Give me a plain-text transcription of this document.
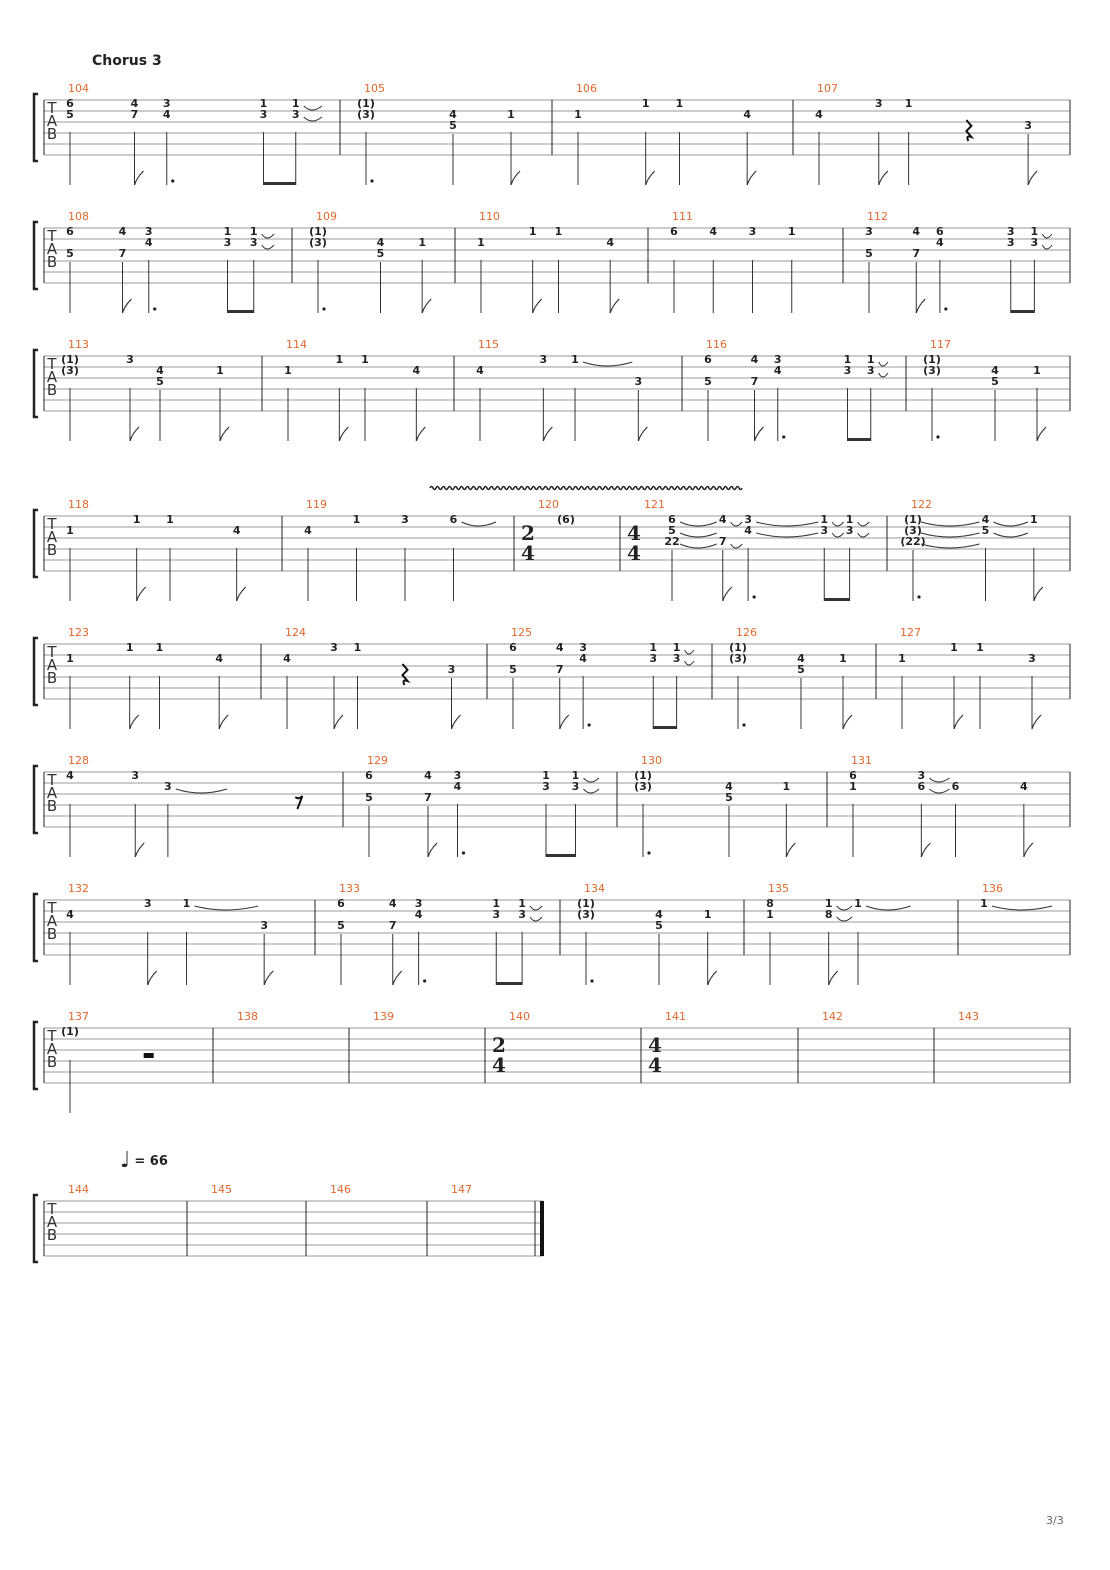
Chorus 3
♩ = 66
3/3
T
A
B
104
6
5
4
7
3
4
1
3
1
3
105
(1)
(3)	4
5
1
106
1
1 1
4
107
4
3 1
3
T
A
B
108
6
5
4
7
3
4
1
3
1
3
109
(1)
(3)	4
5
1
110
1
1 1
4
111
6	4	3	1
112
3
5
4
7
6
4
3
3
1
3
T
A
B
113
(1)
(3)
3
4
5
1
114
1
1 1
4
115
4
3 1
3
116
6
5
4
7
3
4
1
3
1
3
117
(1)
(3)	4
5
1
T
A
B
118
1
1 1
4
119
4
1	3	6
120
2
4
(6)
121
4
4
6
5
22
4
7
3
4
1
3
1
3
122
(1)
(3)
(22)
4
5
1
T
A
B
123
1
1 1
4
124
4
3 1
3
125
6
5
4
7
3
4
1
3
1
3
126
(1)
(3)	4
5
1
127
1
1 1
3
T
A
B
128
4	3
3
129
6
5
4
7
3
4
1
3
1
3
130
(1)
(3)	4
5
1
131
6
1
3
6 6	4
T
A
B
132
4
3	1
3
133
6
5
4
7
3
4
1
3
1
3
134
(1)
(3)	4
5
1
135
8
1
1
8
1
136
1
T
A
B
137
(1)
138	139	140
2
4
141
4
4
142	143
T
A
B
144	145	146	147
